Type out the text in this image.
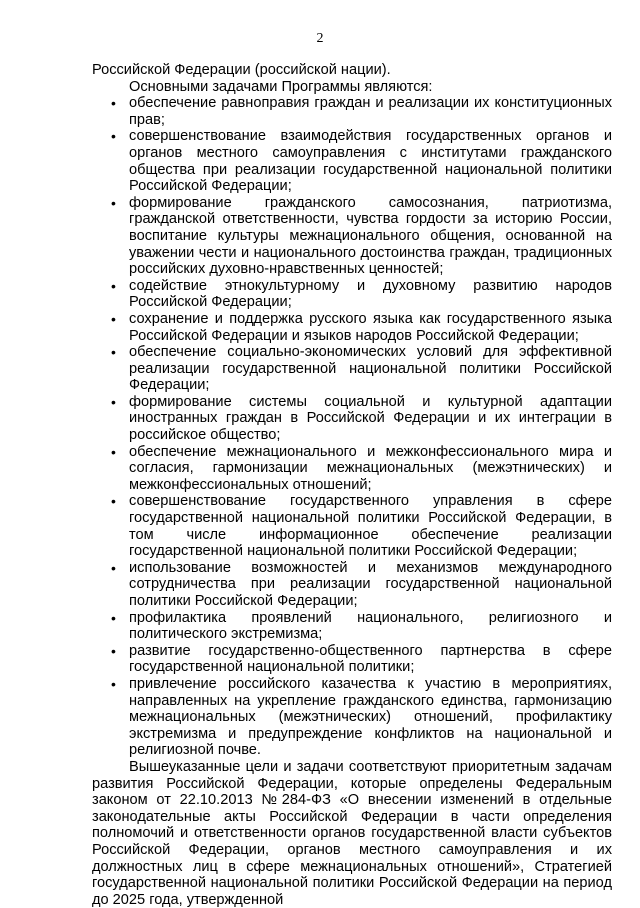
2

Российской Федерации (российской нации).

Основными задачами Программы являются:

• обеспечение равноправия граждан и реализации их конституционных прав;
• совершенствование взаимодействия государственных органов и органов местного самоуправления с институтами гражданского общества при реализации государственной национальной политики Российской Федерации;
• формирование гражданского самосознания, патриотизма, гражданской ответственности, чувства гордости за историю России, воспитание культуры межнационального общения, основанной на уважении чести и национального достоинства граждан, традиционных российских духовно-нравственных ценностей;
• содействие этнокультурному и духовному развитию народов Российской Федерации;
• сохранение и поддержка русского языка как государственного языка Российской Федерации и языков народов Российской Федерации;
• обеспечение социально-экономических условий для эффективной реализации государственной национальной политики Российской Федерации;
• формирование системы социальной и культурной адаптации иностранных граждан в Российской Федерации и их интеграции в российское общество;
• обеспечение межнационального и межконфессионального мира и согласия, гармонизации межнациональных (межэтнических) и межконфессиональных отношений;
• совершенствование государственного управления в сфере государственной национальной политики Российской Федерации, в том числе информационное обеспечение реализации государственной национальной политики Российской Федерации;
• использование возможностей и механизмов международного сотрудничества при реализации государственной национальной политики Российской Федерации;
• профилактика проявлений национального, религиозного и политического экстремизма;
• развитие государственно-общественного партнерства в сфере государственной национальной политики;
• привлечение российского казачества к участию в мероприятиях, направленных на укрепление гражданского единства, гармонизацию межнациональных (межэтнических) отношений, профилактику экстремизма и предупреждение конфликтов на национальной и религиозной почве.

Вышеуказанные цели и задачи соответствуют приоритетным задачам развития Российской Федерации, которые определены Федеральным законом от 22.10.2013 №284-ФЗ «О внесении изменений в отдельные законодательные акты Российской Федерации в части определения полномочий и ответственности органов государственной власти субъектов Российской Федерации, органов местного самоуправления и их должностных лиц в сфере межнациональных отношений», Стратегией государственной национальной политики Российской Федерации на период до 2025 года, утвержденной
